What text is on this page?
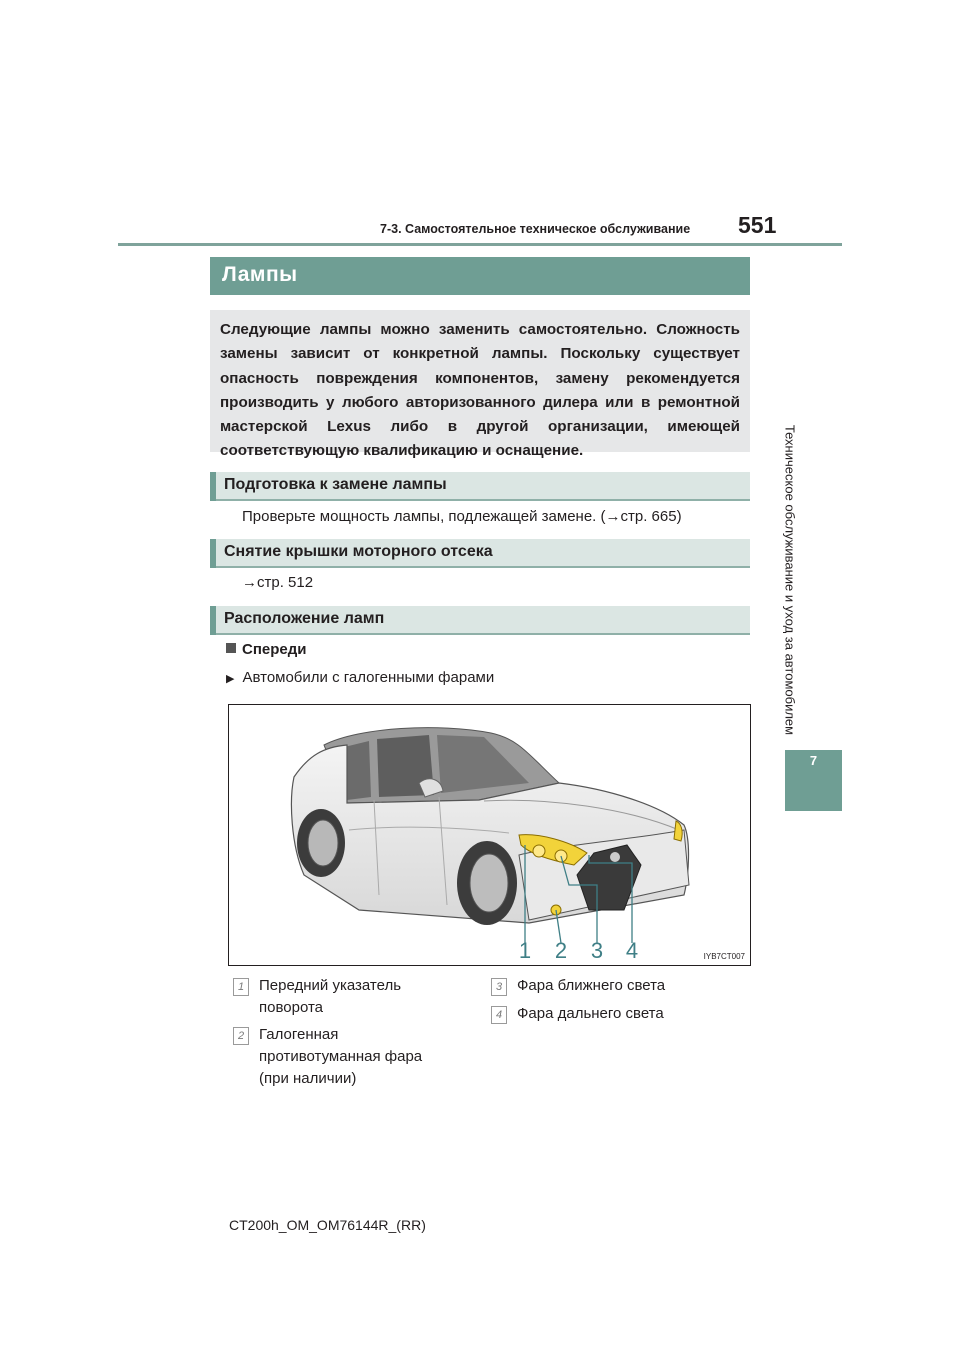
7-3. Самостоятельное техническое обслуживание	551
Техническое обслуживание и уход за автомобилем
7
Лампы
Следующие лампы можно заменить самостоятельно. Сложность замены зависит от конкретной лампы. Поскольку существует опасность повреждения компонентов, замену рекомендуется производить у любого авторизованного дилера или в ремонтной мастерской Lexus либо в другой организации, имеющей соответствующую квалификацию и оснащение.
Подготовка к замене лампы
Проверьте мощность лампы, подлежащей замене. (→стр. 665)
Снятие крышки моторного отсека
→стр. 512
Расположение ламп
Спереди
▶ Автомобили с галогенными фарами
1 2 3 4	IYB7CT007
1 Передний указатель поворота
2 Галогенная противотуманная фара (при наличии)
3 Фара ближнего света
4 Фара дальнего света
CT200h_OM_OM76144R_(RR)
